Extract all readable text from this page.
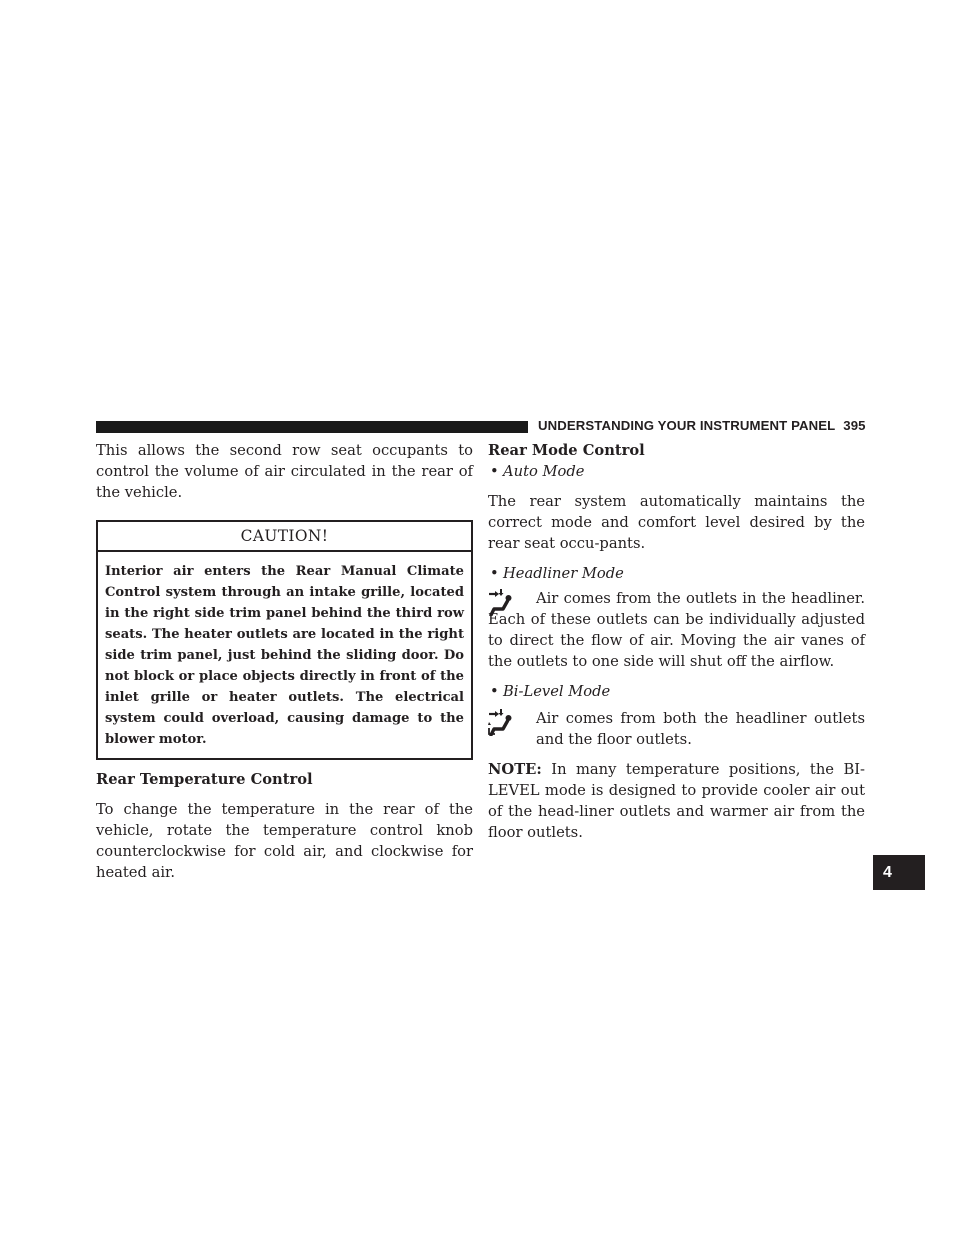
UNDERSTANDING YOUR INSTRUMENT PANEL 395
4

This allows the second row seat occupants to control the volume of air circulated in the rear of the vehicle.

CAUTION!
Interior air enters the Rear Manual Climate Control system through an intake grille, located in the right side trim panel behind the third row seats. The heater outlets are located in the right side trim panel, just behind the sliding door. Do not block or place objects directly in front of the inlet grille or heater outlets. The electrical system could overload, causing damage to the blower motor.
Rear Temperature Control

To change the temperature in the rear of the vehicle, rotate the temperature control knob counterclockwise for cold air, and clockwise for heated air.

Rear Mode Control
• Auto Mode

The rear system automatically maintains the correct mode and comfort level desired by the rear seat occu-pants.

• Headliner Mode

Air comes from the outlets in the headliner. Each of these outlets can be individually adjusted to direct the flow of air. Moving the air vanes of the outlets to one side will shut off the airflow.

• Bi-Level Mode

Air comes from both the headliner outlets and the floor outlets.

NOTE: In many temperature positions, the BI-LEVEL mode is designed to provide cooler air out of the head-liner outlets and warmer air from the floor outlets.
